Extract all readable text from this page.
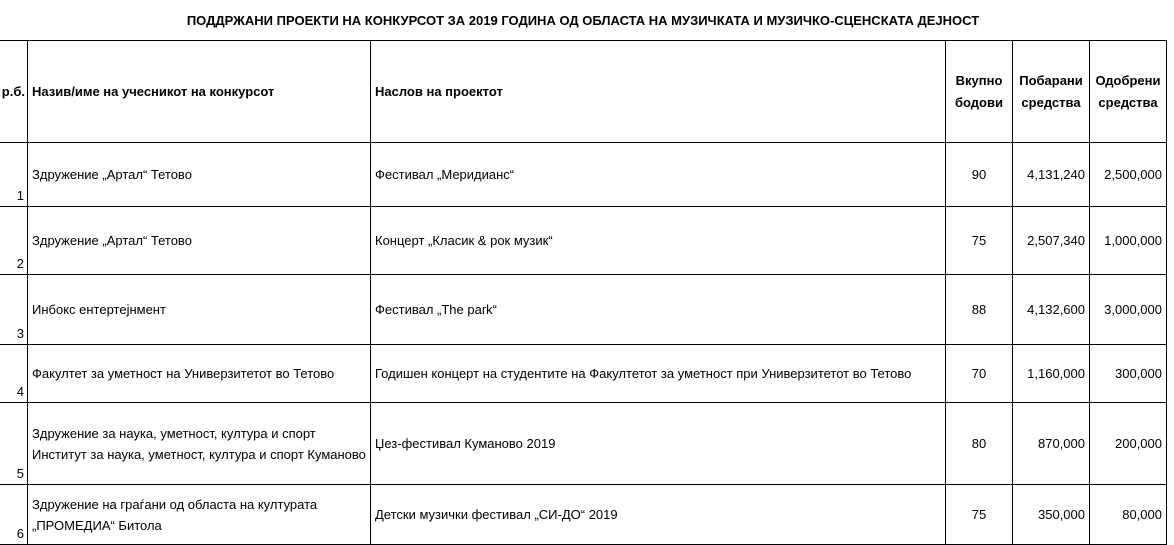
ПОДДРЖАНИ ПРОЕКТИ НА КОНКУРСОТ ЗА 2019 ГОДИНА ОД ОБЛАСТА НА МУЗИЧКАТА И МУЗИЧКО-СЦЕНСКАТА ДЕЈНОСТ
р.б.	Назив/име на учесникот на конкурсот	Наслов на проектот	Вкупно бодови	Побарани средства	Одобрени средства
1	Здружение „Артал“ Тетово	Фестивал „Меридианс“	90	4,131,240	2,500,000
2	Здружение „Артал“ Тетово	Концерт „Класик & рок музик“	75	2,507,340	1,000,000
3	Инбокс ентертејнмент	Фестивал „The park“	88	4,132,600	3,000,000
4	Факултет за уметност на Универзитетот во Тетово	Годишен концерт на студентите на Факултетот за уметност при Универзитетот во Тетово	70	1,160,000	300,000
5	Здружение за наука, уметност, култура и спорт Институт за наука, уметност, култура и спорт Куманово	Џез-фестивал Куманово 2019	80	870,000	200,000
6	Здружение на граѓани од областа на културата „ПРОМЕДИА“ Битола	Детски музички фестивал „СИ-ДО“ 2019	75	350,000	80,000
